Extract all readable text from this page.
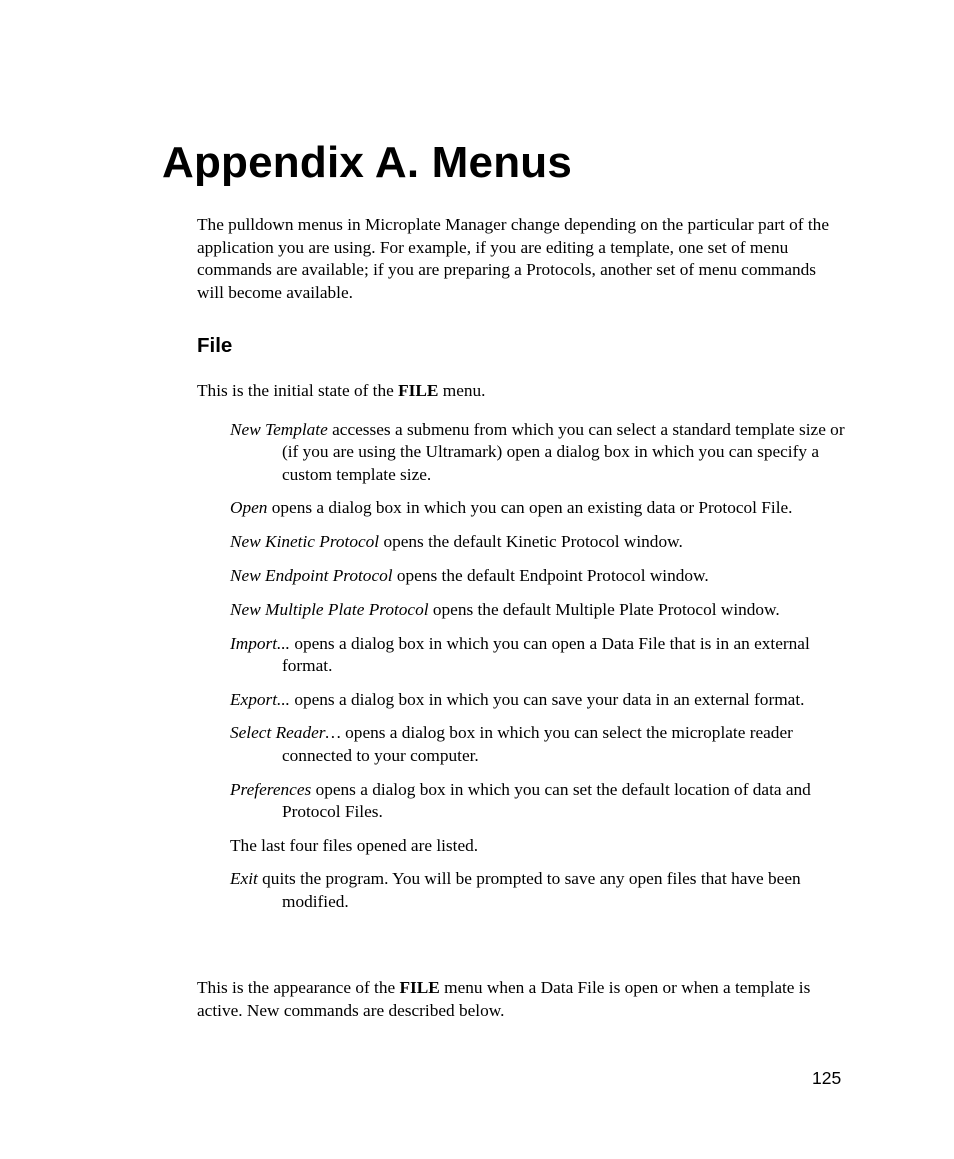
Appendix A. Menus

The pulldown menus in Microplate Manager change depending on the particular part of the application you are using. For example, if you are editing a template, one set of menu commands are available; if you are preparing a Protocols, another set of menu commands will become available.

File

This is the initial state of the FILE menu.

New Template accesses a submenu from which you can select a standard template size or (if you are using the Ultramark) open a dialog box in which you can specify a custom template size.
Open opens a dialog box in which you can open an existing data or Protocol File.
New Kinetic Protocol opens the default Kinetic Protocol window.
New Endpoint Protocol opens the default Endpoint Protocol window.
New Multiple Plate Protocol opens the default Multiple Plate Protocol window.
Import... opens a dialog box in which you can open a Data File that is in an external format.
Export... opens a dialog box in which you can save your data in an external format.
Select Reader… opens a dialog box in which you can select the microplate reader connected to your computer.
Preferences opens a dialog box in which you can set the default location of data and Protocol Files.
The last four files opened are listed.
Exit quits the program. You will be prompted to save any open files that have been modified.

This is the appearance of the FILE menu when a Data File is open or when a template is active. New commands are described below.

125
